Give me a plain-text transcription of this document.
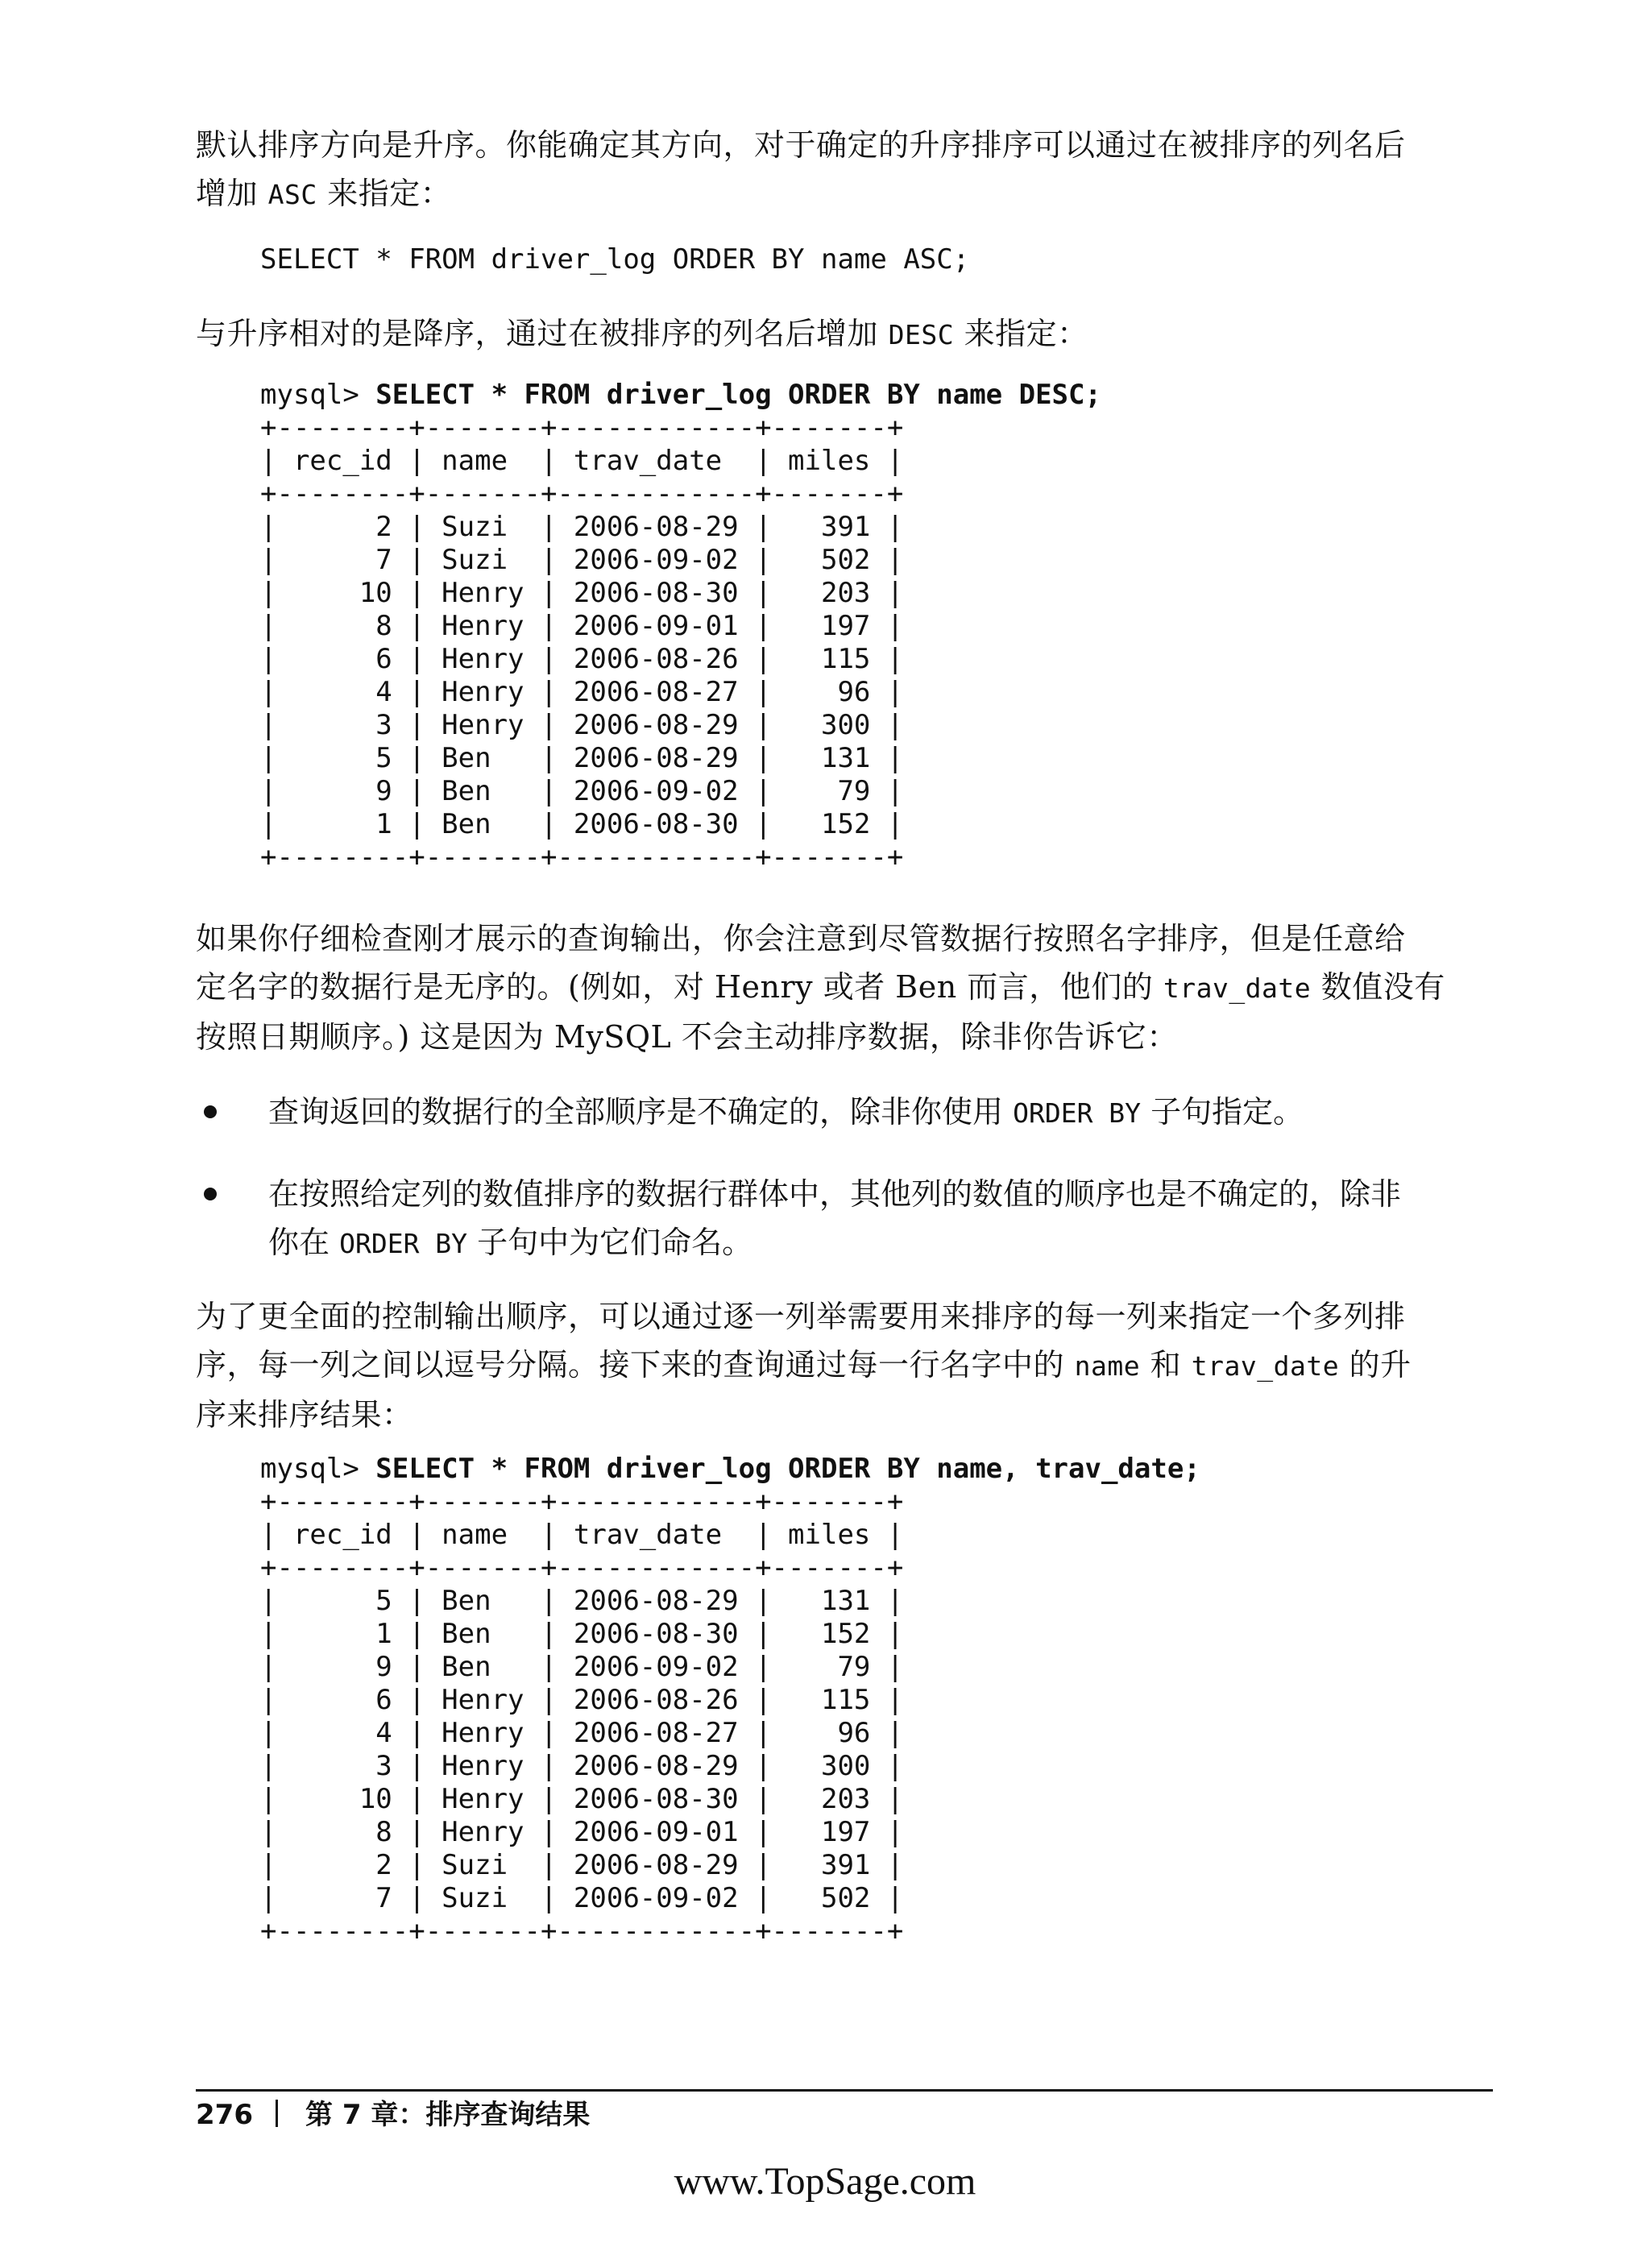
默认排序方向是升序。你能确定其方向，对于确定的升序排序可以通过在被排序的列名后
增加 ASC 来指定：
SELECT * FROM driver_log ORDER BY name ASC;
与升序相对的是降序，通过在被排序的列名后增加 DESC 来指定：
mysql> SELECT * FROM driver_log ORDER BY name DESC;
+--------+-------+------------+-------+
| rec_id | name  | trav_date  | miles |
+--------+-------+------------+-------+
|      2 | Suzi  | 2006-08-29 |   391 |
|      7 | Suzi  | 2006-09-02 |   502 |
|     10 | Henry | 2006-08-30 |   203 |
|      8 | Henry | 2006-09-01 |   197 |
|      6 | Henry | 2006-08-26 |   115 |
|      4 | Henry | 2006-08-27 |    96 |
|      3 | Henry | 2006-08-29 |   300 |
|      5 | Ben   | 2006-08-29 |   131 |
|      9 | Ben   | 2006-09-02 |    79 |
|      1 | Ben   | 2006-08-30 |   152 |
+--------+-------+------------+-------+
如果你仔细检查刚才展示的查询输出，你会注意到尽管数据行按照名字排序，但是任意给
定名字的数据行是无序的。(例如，对 Henry 或者 Ben 而言，他们的 trav_date 数值没有
按照日期顺序。) 这是因为 MySQL 不会主动排序数据，除非你告诉它：
查询返回的数据行的全部顺序是不确定的，除非你使用 ORDER BY 子句指定。
在按照给定列的数值排序的数据行群体中，其他列的数值的顺序也是不确定的，除非
你在 ORDER BY 子句中为它们命名。
为了更全面的控制输出顺序，可以通过逐一列举需要用来排序的每一列来指定一个多列排
序，每一列之间以逗号分隔。接下来的查询通过每一行名字中的 name 和 trav_date 的升
序来排序结果：
mysql> SELECT * FROM driver_log ORDER BY name, trav_date;
+--------+-------+------------+-------+
| rec_id | name  | trav_date  | miles |
+--------+-------+------------+-------+
|      5 | Ben   | 2006-08-29 |   131 |
|      1 | Ben   | 2006-08-30 |   152 |
|      9 | Ben   | 2006-09-02 |    79 |
|      6 | Henry | 2006-08-26 |   115 |
|      4 | Henry | 2006-08-27 |    96 |
|      3 | Henry | 2006-08-29 |   300 |
|     10 | Henry | 2006-08-30 |   203 |
|      8 | Henry | 2006-09-01 |   197 |
|      2 | Suzi  | 2006-08-29 |   391 |
|      7 | Suzi  | 2006-09-02 |   502 |
+--------+-------+------------+-------+
276 第 7 章：排序查询结果
www.TopSage.com
